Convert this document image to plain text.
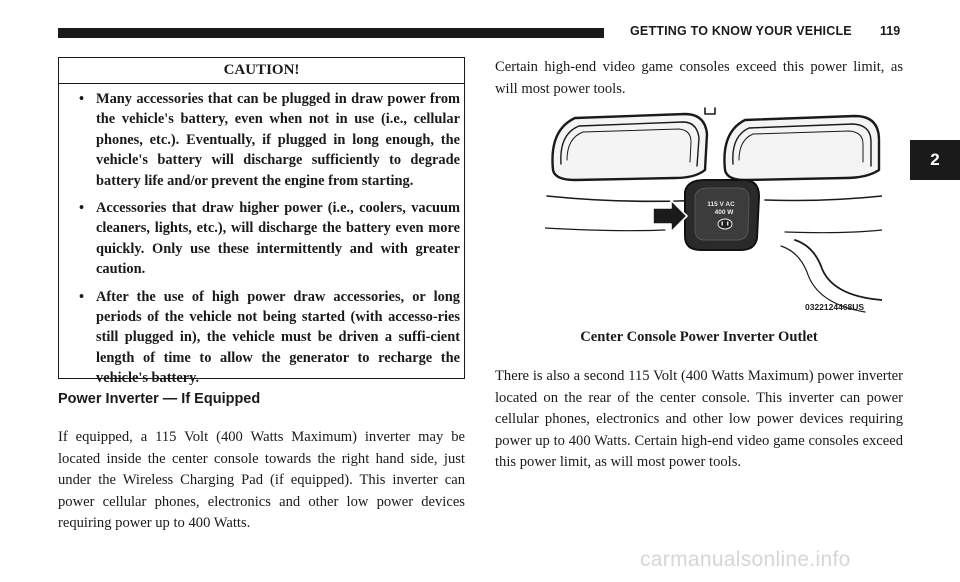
GETTING TO KNOW YOUR VEHICLE 119
2
CAUTION!
• Many accessories that can be plugged in draw power from the vehicle's battery, even when not in use (i.e., cellular phones, etc.). Eventually, if plugged in long enough, the vehicle's battery will discharge sufficiently to degrade battery life and/or prevent the engine from starting.
• Accessories that draw higher power (i.e., coolers, vacuum cleaners, lights, etc.), will discharge the battery even more quickly. Only use these intermittently and with greater caution.
• After the use of high power draw accessories, or long periods of the vehicle not being started (with accesso-ries still plugged in), the vehicle must be driven a suffi-cient length of time to allow the generator to recharge the vehicle's battery.
Power Inverter — If Equipped

If equipped, a 115 Volt (400 Watts Maximum) inverter may be located inside the center console towards the right hand side, just under the Wireless Charging Pad (if equipped). This inverter can power cellular phones, electronics and other low power devices requiring power up to 400 Watts.

Certain high-end video game consoles exceed this power limit, as will most power tools.

115 V AC
400 W
0322124468US
Center Console Power Inverter Outlet

There is also a second 115 Volt (400 Watts Maximum) power inverter located on the rear of the center console. This inverter can power cellular phones, electronics and other low power devices requiring power up to 400 Watts. Certain high-end video game consoles exceed this power limit, as will most power tools.

carmanualsonline.info
